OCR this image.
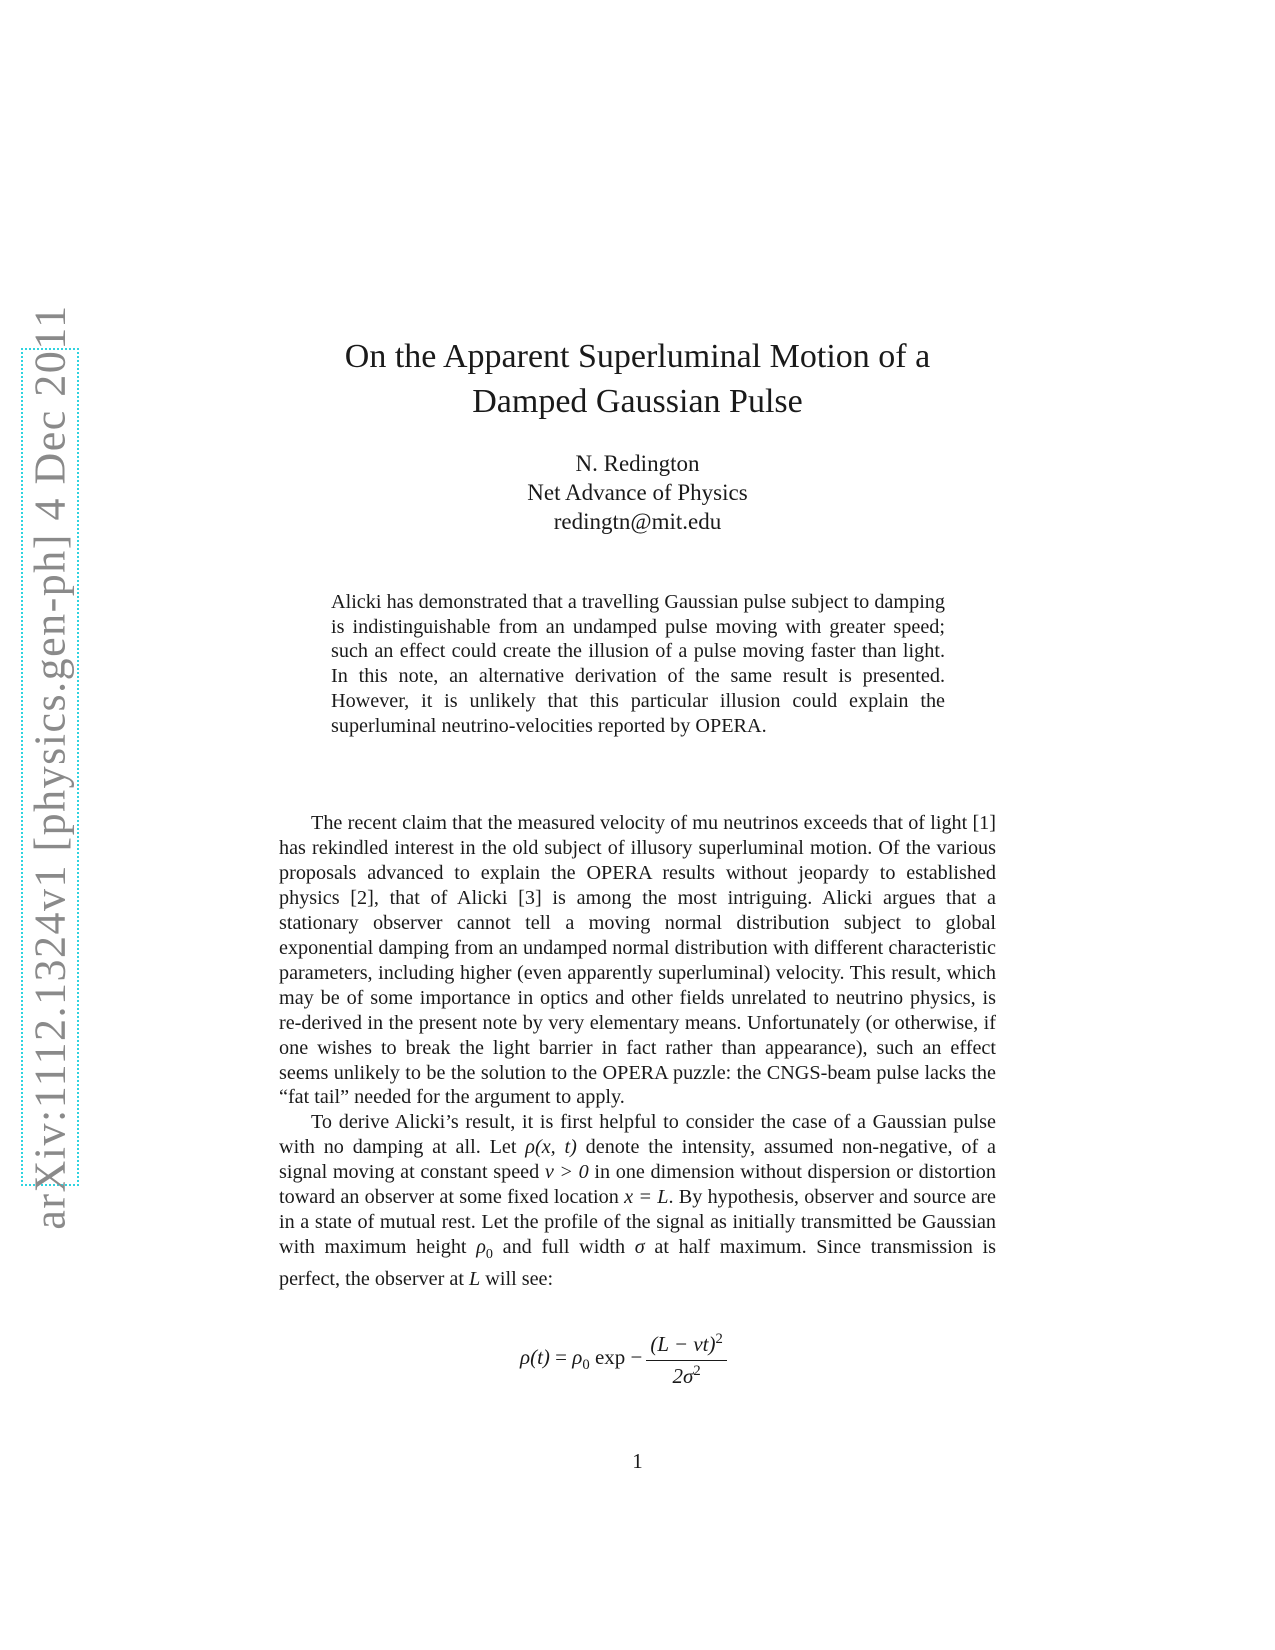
arXiv:1112.1324v1 [physics.gen-ph] 4 Dec 2011	On the Apparent Superluminal Motion of a
Damped Gaussian Pulse
N. Redington
Net Advance of Physics
redingtn@mit.edu

Alicki has demonstrated that a travelling Gaussian pulse subject to damping is indistinguishable from an undamped pulse moving with greater speed; such an effect could create the illusion of a pulse moving faster than light. In this note, an alternative derivation of the same result is presented. However, it is unlikely that this particular illusion could explain the superluminal neutrino-velocities reported by OPERA.

The recent claim that the measured velocity of mu neutrinos exceeds that of light [1] has rekindled interest in the old subject of illusory superluminal motion. Of the various proposals advanced to explain the OPERA results without jeopardy to established physics [2], that of Alicki [3] is among the most intriguing. Alicki argues that a stationary observer cannot tell a moving normal distribution subject to global exponential damping from an undamped normal distribution with different characteristic parameters, including higher (even apparently superluminal) velocity. This result, which may be of some importance in optics and other fields unrelated to neutrino physics, is re-derived in the present note by very elementary means. Unfortunately (or otherwise, if one wishes to break the light barrier in fact rather than appearance), such an effect seems unlikely to be the solution to the OPERA puzzle: the CNGS-beam pulse lacks the “fat tail” needed for the argument to apply.

To derive Alicki’s result, it is first helpful to consider the case of a Gaussian pulse with no damping at all. Let ρ(x, t) denote the intensity, assumed non-negative, of a signal moving at constant speed v > 0 in one dimension without dispersion or distortion toward an observer at some fixed location x = L. By hypothesis, observer and source are in a state of mutual rest. Let the profile of the signal as initially transmitted be Gaussian with maximum height $\rho_0$ and full width σ at half maximum. Since transmission is perfect, the observer at L will see:

$\rho(t) = \rho_0$ $\exp - \frac{(L - vt)^2}{2\sigma^2}$
1
